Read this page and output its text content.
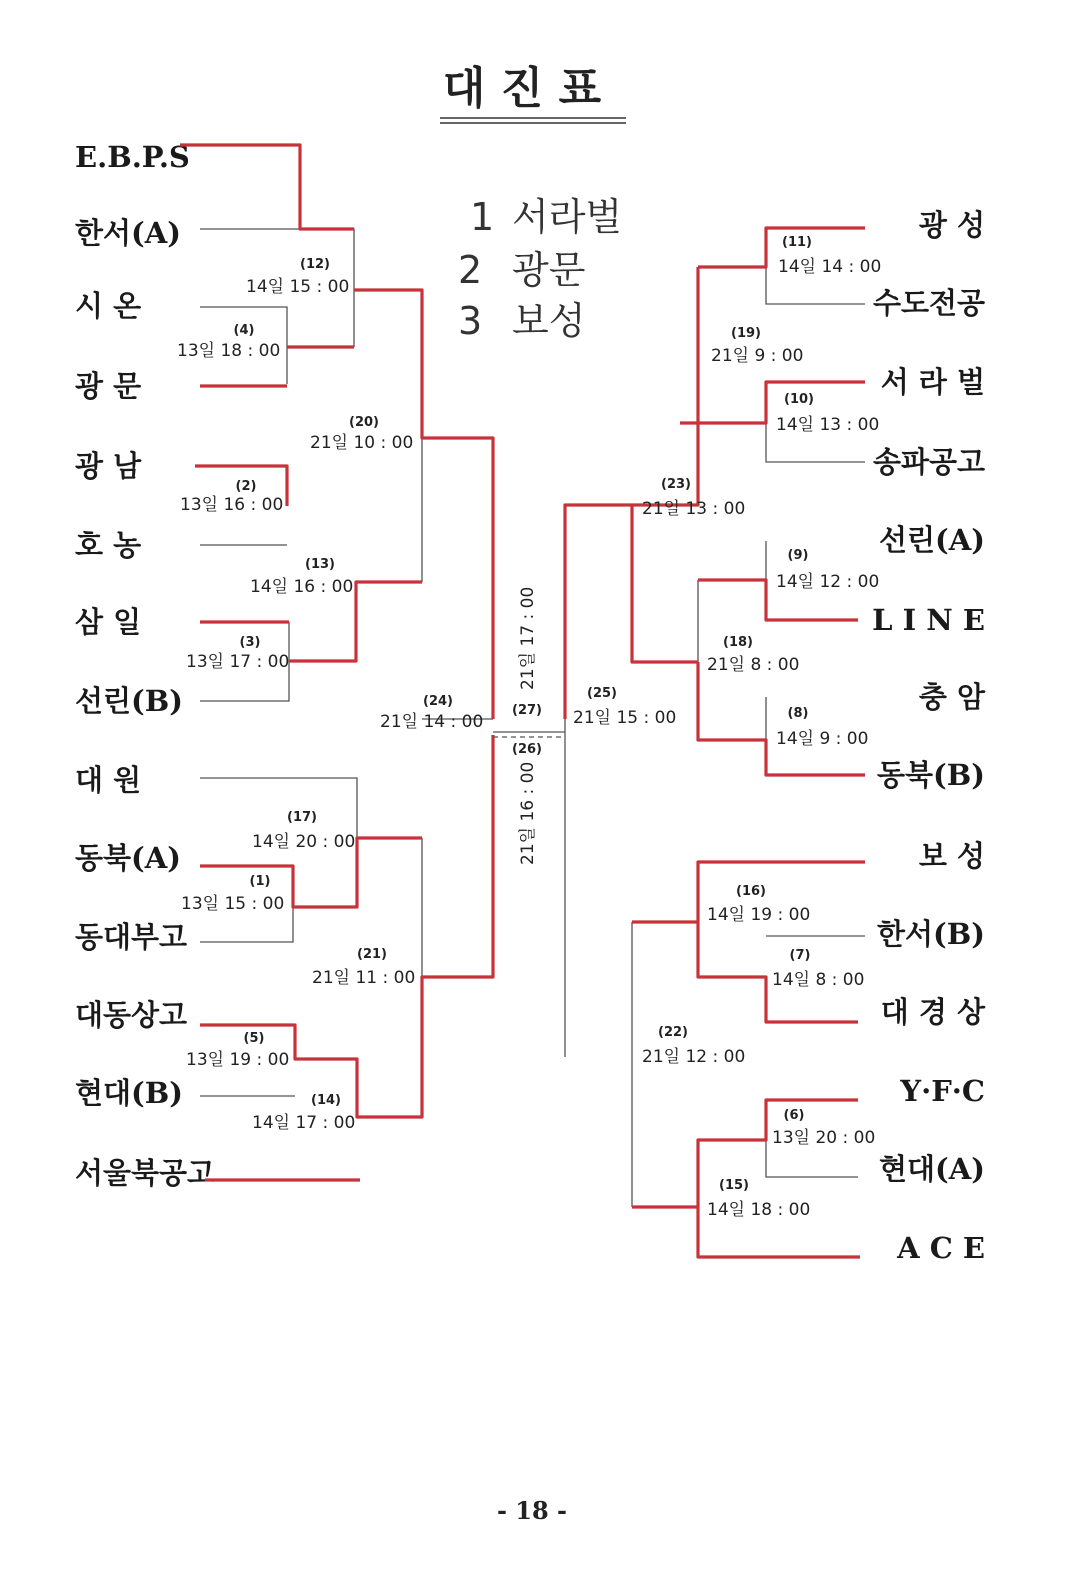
대 진 표
1 서라벌
2 광문
3 보성
E.B.P.S
한서(A)
시 온
광 문
광 남
호 농
삼 일
선린(B)
대 원
동북(A)
동대부고
대동상고
현대(B)
서울북공고
광 성
수도전공
서 라 벌
송파공고
선린(A)
L I N E
충 암
동북(B)
보 성
한서(B)
대 경 상
Y·F·C
현대(A)
A C E
(27)
21일 17 : 00
(26)
21일 16 : 00
(12)
14일 15 : 00
(4)
13일 18 : 00
(20)
21일 10 : 00
(2)
13일 16 : 00
(13)
14일 16 : 00
(3)
13일 17 : 00
(24)
21일 14 : 00
(17)
14일 20 : 00
(1)
13일 15 : 00
(21)
21일 11 : 00
(5)
13일 19 : 00
(14)
14일 17 : 00
(11)
14일 14 : 00
(19)
21일 9 : 00
(10)
14일 13 : 00
(23)
21일 13 : 00
(9)
14일 12 : 00
(18)
21일 8 : 00
(25)
21일 15 : 00	(8)
14일 9 : 00
(16)
14일 19 : 00
(7)
14일 8 : 00
(22)
21일 12 : 00
(6)
13일 20 : 00
(15)
14일 18 : 00
- 18 -
